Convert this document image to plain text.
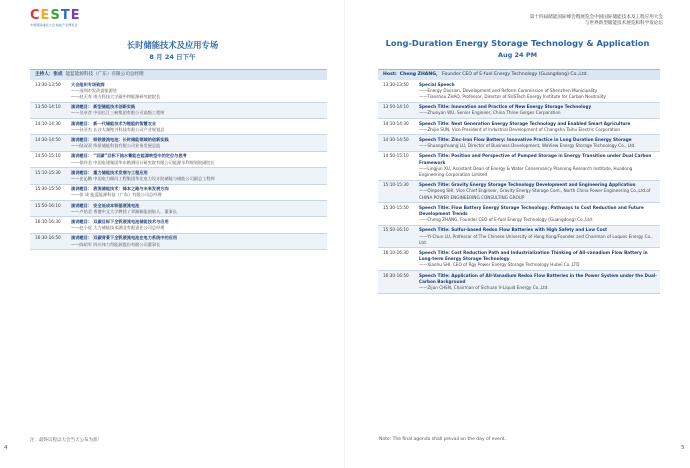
C E S T E
中国国际储能大会·储能产业博览会
长时储能技术及应用专场
8 月 24 日下午
主持人：张成 能蓝能源科技（广东）有限公司总经理
13:30-13:50	大会组织专场致辞
——深圳市发改委能源处
——赵天寿 南方科技大学碳中和能源研究院院长
13:50-14:10	演讲题目： 新型储能技术创新实践
——吴卓彦 中国长江三峡集团有限公司高级工程师
14:10-14:30	演讲题目： 新一代储能技术为锂能的智慧农业
——孙亚杰 长沙太湖锂谷科技有限公司产业规划总
14:30-14:50	演讲题目： 锌铁液流电池：长时储能领域的创新实践
——陆双双 纬景储能科技有限公司业务发展总监
14:50-15:10	演讲题目： “双碳”目标下抽水蓄能在能源转型中的定位与思考
——徐玲君 中国电建集团华东勘测设计研究院有限公司能源水利规划院副院长
15:10-15:30	演讲题目： 重力储能技术发展与工程应用
——史沁鹏 中国电力顾问工程集团华北电力设计院储能与储能公司副总工程师
15:30-15:50	演讲题目： 液流储能技术：降本之路与未来发展方向
——张 成 能蓝能源科技（广东）有限公司总经理
15:50-16:10	演讲题目： 安全低成本锌基液流电池
——卢怡君 香港中文大学教授 / 翠湖新能创始人、董事长
16:10-16:30	演讲题目： 双碳目标下全钒液流电池储能技术与应用
——赵小虎 大力储能技术湖北有限责任公司总经理
16:30-16:50	演讲题目： 双碳背景下全钒液流电池在电力系统中的应用
——陈昭军 四川伟力得能源股份有限公司董事长
注：最终议程以大会当天公布为准！
4
第十四届储能国际峰会暨展览会中国国际储能技术及工程应用大会
与世界新型储能技术展览和科学发论坛
Long-Duration Energy Storage Technology & Application
Aug 24 PM
Host: Cheng ZHANG， Founder CEO of E-fuel Energy Technology (Guangdong) Co.,Ltd.
13:30-13:50	Special Speech
——Energy Division, Development and Reform Commission of Shenzhen Municipality
——Tianshou ZHAO, Professor, Director of SUSTech Energy Institute for Carbon Neutrality
13:50-14:10	Speech Title: Innovation and Practice of New Energy Storage Technology
——Zhuoyan WU, Senior Engineer, China Three Gorges Corporation
14:10-14:30	Speech Title: Next Generation Energy Storage Technology and Enabled Smart Agriculture
——Zhijie SUN, Vice President of Industrial Development of Changsha Taihu Electric Corporation
14:30-14:50	Speech Title: Zinc-iron Flow Battery: Innovative Practice in Long Duration Energy Storage
——Shuangshuang LU, Director of Business Development, WeView Energy Storage Technology Co., Ltd.
14:50-15:10	Speech Title: Position and Perspective of Pumped Storage in Energy Transition under Dual Carbon Framework
——Lingjun XU, Assistant Dean of Energy & Water Conservancy Planning Research Institute, Huadong Engineering Corporation Limited
15:10-15:30	Speech Title: Gravity Energy Storage Technology Development and Engineering Application
——Qinpeng SHI, Vice Chief Engineer, Gravity Energy Storage Com., North China Power Engineering Co.,Ltd.of CHINA POWER ENGINEERING CONSULTING GROUP
15:30-15:50	Speech Title: Flow Battery Energy Storage Technology: Pathways to Cost Reduction and Future Development Trends
——Cheng ZHANG, Founder CEO of E-fuel Energy Technology (Guangdong) Co.,Ltd.
15:50-16:10	Speech Title: Sulfur-based Redox Flow Batteries with High Safety and Low Cost
——Yi-Chun LU, Professor of The Chinese University of Hong Kong/Founder and Chairman of Luquos Energy Co., Ltd.
16:10-16:30	Speech Title: Cost Reduction Path and Industrialization Thinking of All-vanadium Flow Battery in Long-term Energy Storage Technology
——Xiaohu SHI, CEO of Rgy Power Energy Storage Technology Hubei Co.,LTD
16:30-16:50	Speech Title: Application of All-Vanadium Redox Flow Batteries in the Power System under the Dual-Carbon Background
——Zijun CHEN, Chairman of Sichuan V-Liquid Energy Co.,Ltd.
Note: The final agenda shall prevail on the day of event.
5
